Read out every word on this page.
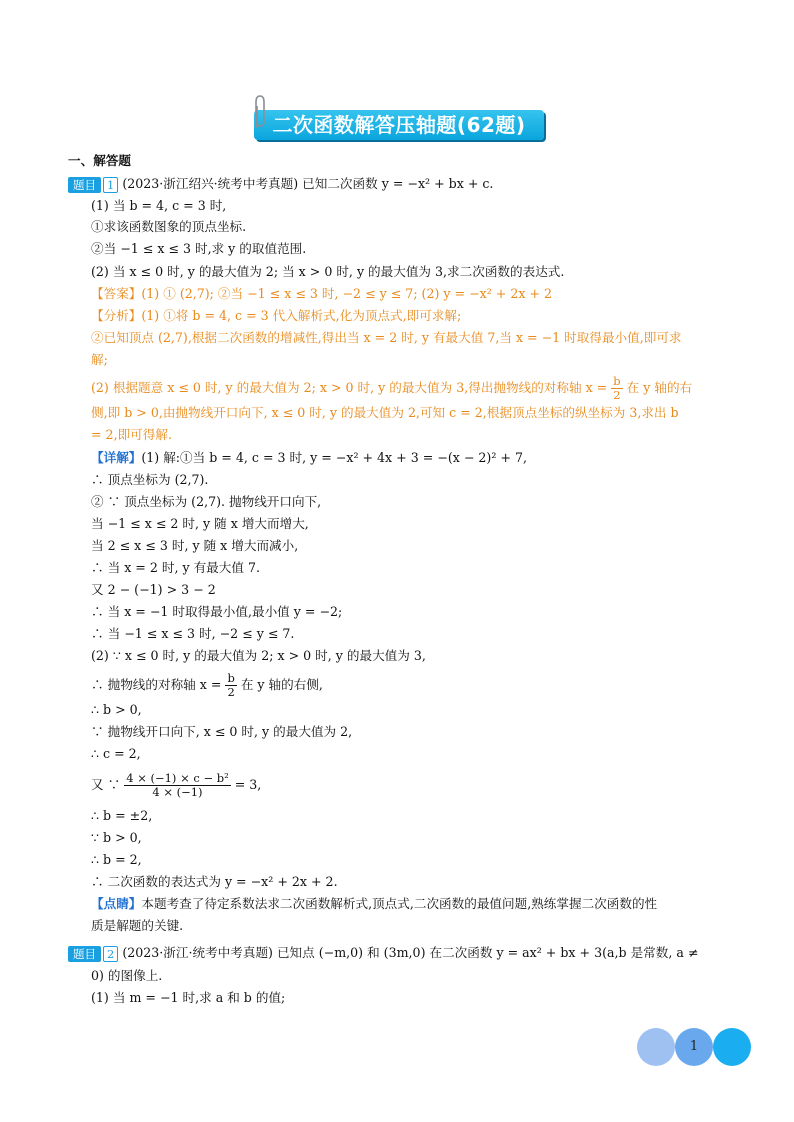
二次函数解答压轴题(62题)
一、解答题
题目 1 (2023·浙江绍兴·统考中考真题) 已知二次函数 y = −x² + bx + c.
(1) 当 b = 4, c = 3 时,
①求该函数图象的顶点坐标.
②当 −1 ≤ x ≤ 3 时,求 y 的取值范围.
(2) 当 x ≤ 0 时, y 的最大值为 2; 当 x > 0 时, y 的最大值为 3,求二次函数的表达式.
【答案】(1) ① (2,7); ②当 −1 ≤ x ≤ 3 时, −2 ≤ y ≤ 7; (2) y = −x² + 2x + 2
【分析】(1) ①将 b = 4, c = 3 代入解析式,化为顶点式,即可求解;
②已知顶点 (2,7),根据二次函数的增减性,得出当 x = 2 时, y 有最大值 7,当 x = −1 时取得最小值,即可求
解;
(2) 根据题意 x ≤ 0 时, y 的最大值为 2; x > 0 时, y 的最大值为 3,得出抛物线的对称轴 $x = \frac{b}{2}$ 在 y 轴的右
侧,即 b > 0,由抛物线开口向下, x ≤ 0 时, y 的最大值为 2,可知 c = 2,根据顶点坐标的纵坐标为 3,求出 b
= 2,即可得解.
【详解】(1) 解:①当 b = 4, c = 3 时, y = −x² + 4x + 3 = −(x − 2)² + 7,
∴ 顶点坐标为 (2,7).
② ∵ 顶点坐标为 (2,7). 抛物线开口向下,
当 −1 ≤ x ≤ 2 时, y 随 x 增大而增大,
当 2 ≤ x ≤ 3 时, y 随 x 增大而减小,
∴ 当 x = 2 时, y 有最大值 7.
又 2 − (−1) > 3 − 2
∴ 当 x = −1 时取得最小值,最小值 y = −2;
∴ 当 −1 ≤ x ≤ 3 时, −2 ≤ y ≤ 7.
(2) ∵ x ≤ 0 时, y 的最大值为 2; x > 0 时, y 的最大值为 3,
∴ 抛物线的对称轴 $x = \frac{b}{2}$ 在 y 轴的右侧,
∴ b > 0,
∵ 抛物线开口向下, x ≤ 0 时, y 的最大值为 2,
∴ c = 2,
又 ∵ $\frac{\text{4 × (−1) × c − b²}}{4 \times (-1)} = 3$,
∴ b = ±2,
∵ b > 0,
∴ b = 2,
∴ 二次函数的表达式为 y = −x² + 2x + 2.
【点睛】本题考查了待定系数法求二次函数解析式,顶点式,二次函数的最值问题,熟练掌握二次函数的性
质是解题的关键.
题目 2 (2023·浙江·统考中考真题) 已知点 (−m,0) 和 (3m,0) 在二次函数 y = ax² + bx + 3(a,b 是常数, a ≠
0) 的图像上.
(1) 当 m = −1 时,求 a 和 b 的值;
1
